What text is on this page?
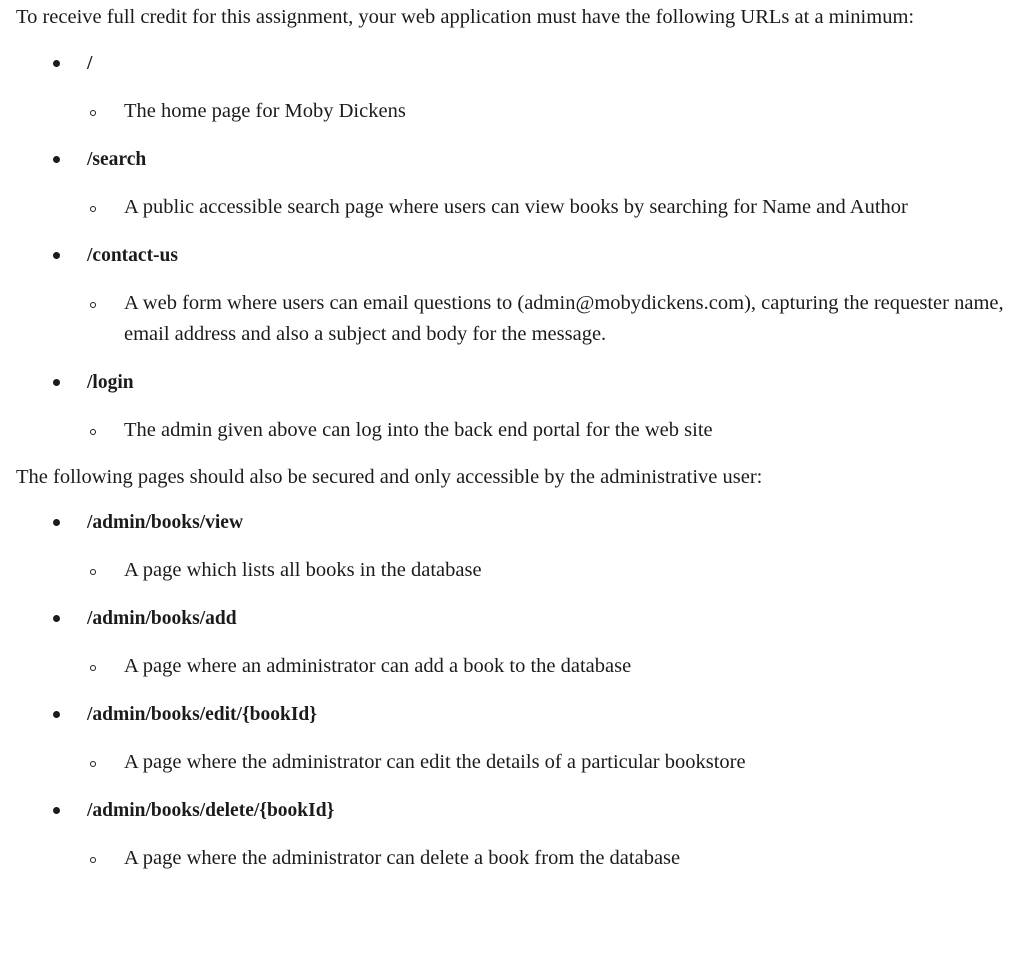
To receive full credit for this assignment, your web application must have the following URLs at a minimum:

/
The home page for Moby Dickens
/search
A public accessible search page where users can view books by searching for Name and Author
/contact-us
A web form where users can email questions to (admin@mobydickens.com), capturing the requester name, email address and also a subject and body for the message.
/login
The admin given above can log into the back end portal for the web site

The following pages should also be secured and only accessible by the administrative user:

/admin/books/view
A page which lists all books in the database
/admin/books/add
A page where an administrator can add a book to the database
/admin/books/edit/{bookId}
A page where the administrator can edit the details of a particular bookstore
/admin/books/delete/{bookId}
A page where the administrator can delete a book from the database
